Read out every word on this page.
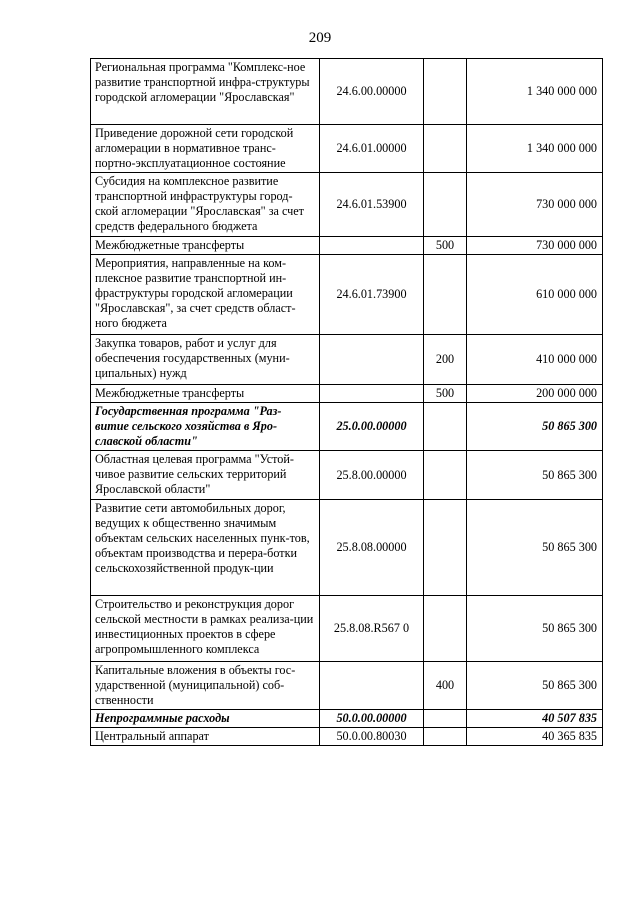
209
Региональная программа "Комплекс-ное развитие транспортной инфра-структуры городской агломерации "Ярославская"	24.6.00.00000		1 340 000 000
Приведение дорожной сети городской агломерации в нормативное транс-портно-эксплуатационное состояние	24.6.01.00000		1 340 000 000
Субсидия на комплексное развитие транспортной инфраструктуры город-ской агломерации "Ярославская" за счет средств федерального бюджета	24.6.01.53900		730 000 000
Межбюджетные трансферты		500	730 000 000
Мероприятия, направленные на ком-плексное развитие транспортной ин-фраструктуры городской агломерации "Ярославская", за счет средств област-ного бюджета	24.6.01.73900		610 000 000
Закупка товаров, работ и услуг для обеспечения государственных (муни-ципальных) нужд		200	410 000 000
Межбюджетные трансферты		500	200 000 000
Государственная программа "Раз-витие сельского хозяйства в Яро-славской области"	25.0.00.00000		50 865 300
Областная целевая программа "Устой-чивое развитие сельских территорий Ярославской области"	25.8.00.00000		50 865 300
Развитие сети автомобильных дорог, ведущих к общественно значимым объектам сельских населенных пунк-тов, объектам производства и перера-ботки сельскохозяйственной продук-ции	25.8.08.00000		50 865 300
Строительство и реконструкция дорог сельской местности в рамках реализа-ции инвестиционных проектов в сфере агропромышленного комплекса	25.8.08.R567 0		50 865 300
Капитальные вложения в объекты гос-ударственной (муниципальной) соб-ственности		400	50 865 300
Непрограммные расходы	50.0.00.00000		40 507 835
Центральный аппарат	50.0.00.80030		40 365 835
